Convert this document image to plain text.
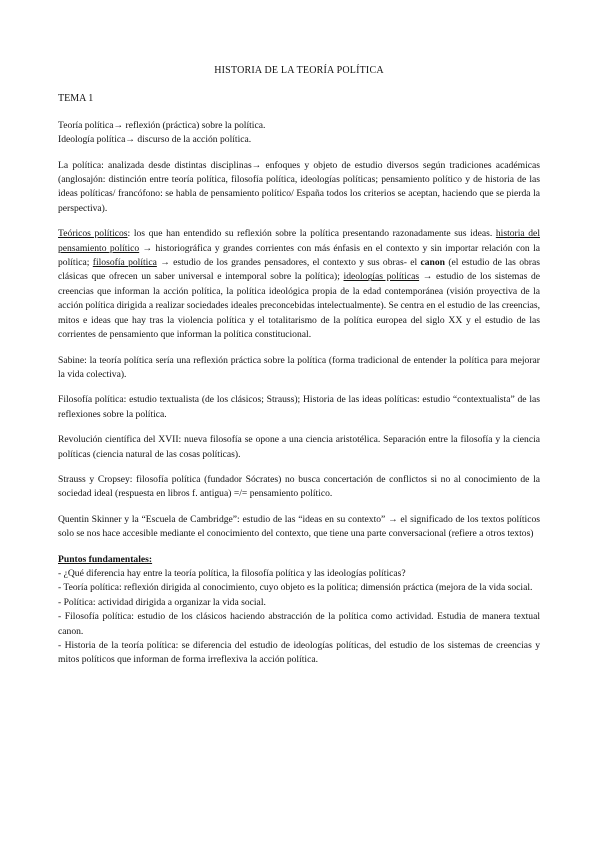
HISTORIA DE LA TEORÍA POLÍTICA
TEMA 1

Teoría política→ reflexión (práctica) sobre la política.
Ideología política→ discurso de la acción política.

La política: analizada desde distintas disciplinas→ enfoques y objeto de estudio diversos según tradiciones académicas (anglosajón: distinción entre teoría política, filosofía política, ideologías políticas; pensamiento político y de historia de las ideas políticas/ francófono: se habla de pensamiento político/ España todos los criterios se aceptan, haciendo que se pierda la perspectiva).

Teóricos políticos: los que han entendido su reflexión sobre la política presentando razonadamente sus ideas. historia del pensamiento político → historiográfica y grandes corrientes con más énfasis en el contexto y sin importar relación con la política; filosofía política → estudio de los grandes pensadores, el contexto y sus obras- el canon (el estudio de las obras clásicas que ofrecen un saber universal e intemporal sobre la política); ideologías políticas → estudio de los sistemas de creencias que informan la acción política, la política ideológica propia de la edad contemporánea (visión proyectiva de la acción política dirigida a realizar sociedades ideales preconcebidas intelectualmente). Se centra en el estudio de las creencias, mitos e ideas que hay tras la violencia política y el totalitarismo de la política europea del siglo XX y el estudio de las corrientes de pensamiento que informan la política constitucional.

Sabine: la teoría política sería una reflexión práctica sobre la política (forma tradicional de entender la política para mejorar la vida colectiva).

Filosofía política: estudio textualista (de los clásicos; Strauss); Historia de las ideas políticas: estudio “contextualista” de las reflexiones sobre la política.

Revolución científica del XVII: nueva filosofía se opone a una ciencia aristotélica. Separación entre la filosofía y la ciencia políticas (ciencia natural de las cosas políticas).

Strauss y Cropsey: filosofía política (fundador Sócrates) no busca concertación de conflictos si no al conocimiento de la sociedad ideal (respuesta en libros f. antigua) =/= pensamiento político.

Quentin Skinner y la “Escuela de Cambridge”: estudio de las “ideas en su contexto” → el significado de los textos políticos solo se nos hace accesible mediante el conocimiento del contexto, que tiene una parte conversacional (refiere a otros textos)

Puntos fundamentales:

- ¿Qué diferencia hay entre la teoría política, la filosofía política y las ideologías políticas?

- Teoría política: reflexión dirigida al conocimiento, cuyo objeto es la política; dimensión práctica (mejora de la vida social.

- Política: actividad dirigida a organizar la vida social.

- Filosofía política: estudio de los clásicos haciendo abstracción de la política como actividad. Estudia de manera textual canon.

- Historia de la teoría política: se diferencia del estudio de ideologías políticas, del estudio de los sistemas de creencias y mitos políticos que informan de forma irreflexiva la acción política.
